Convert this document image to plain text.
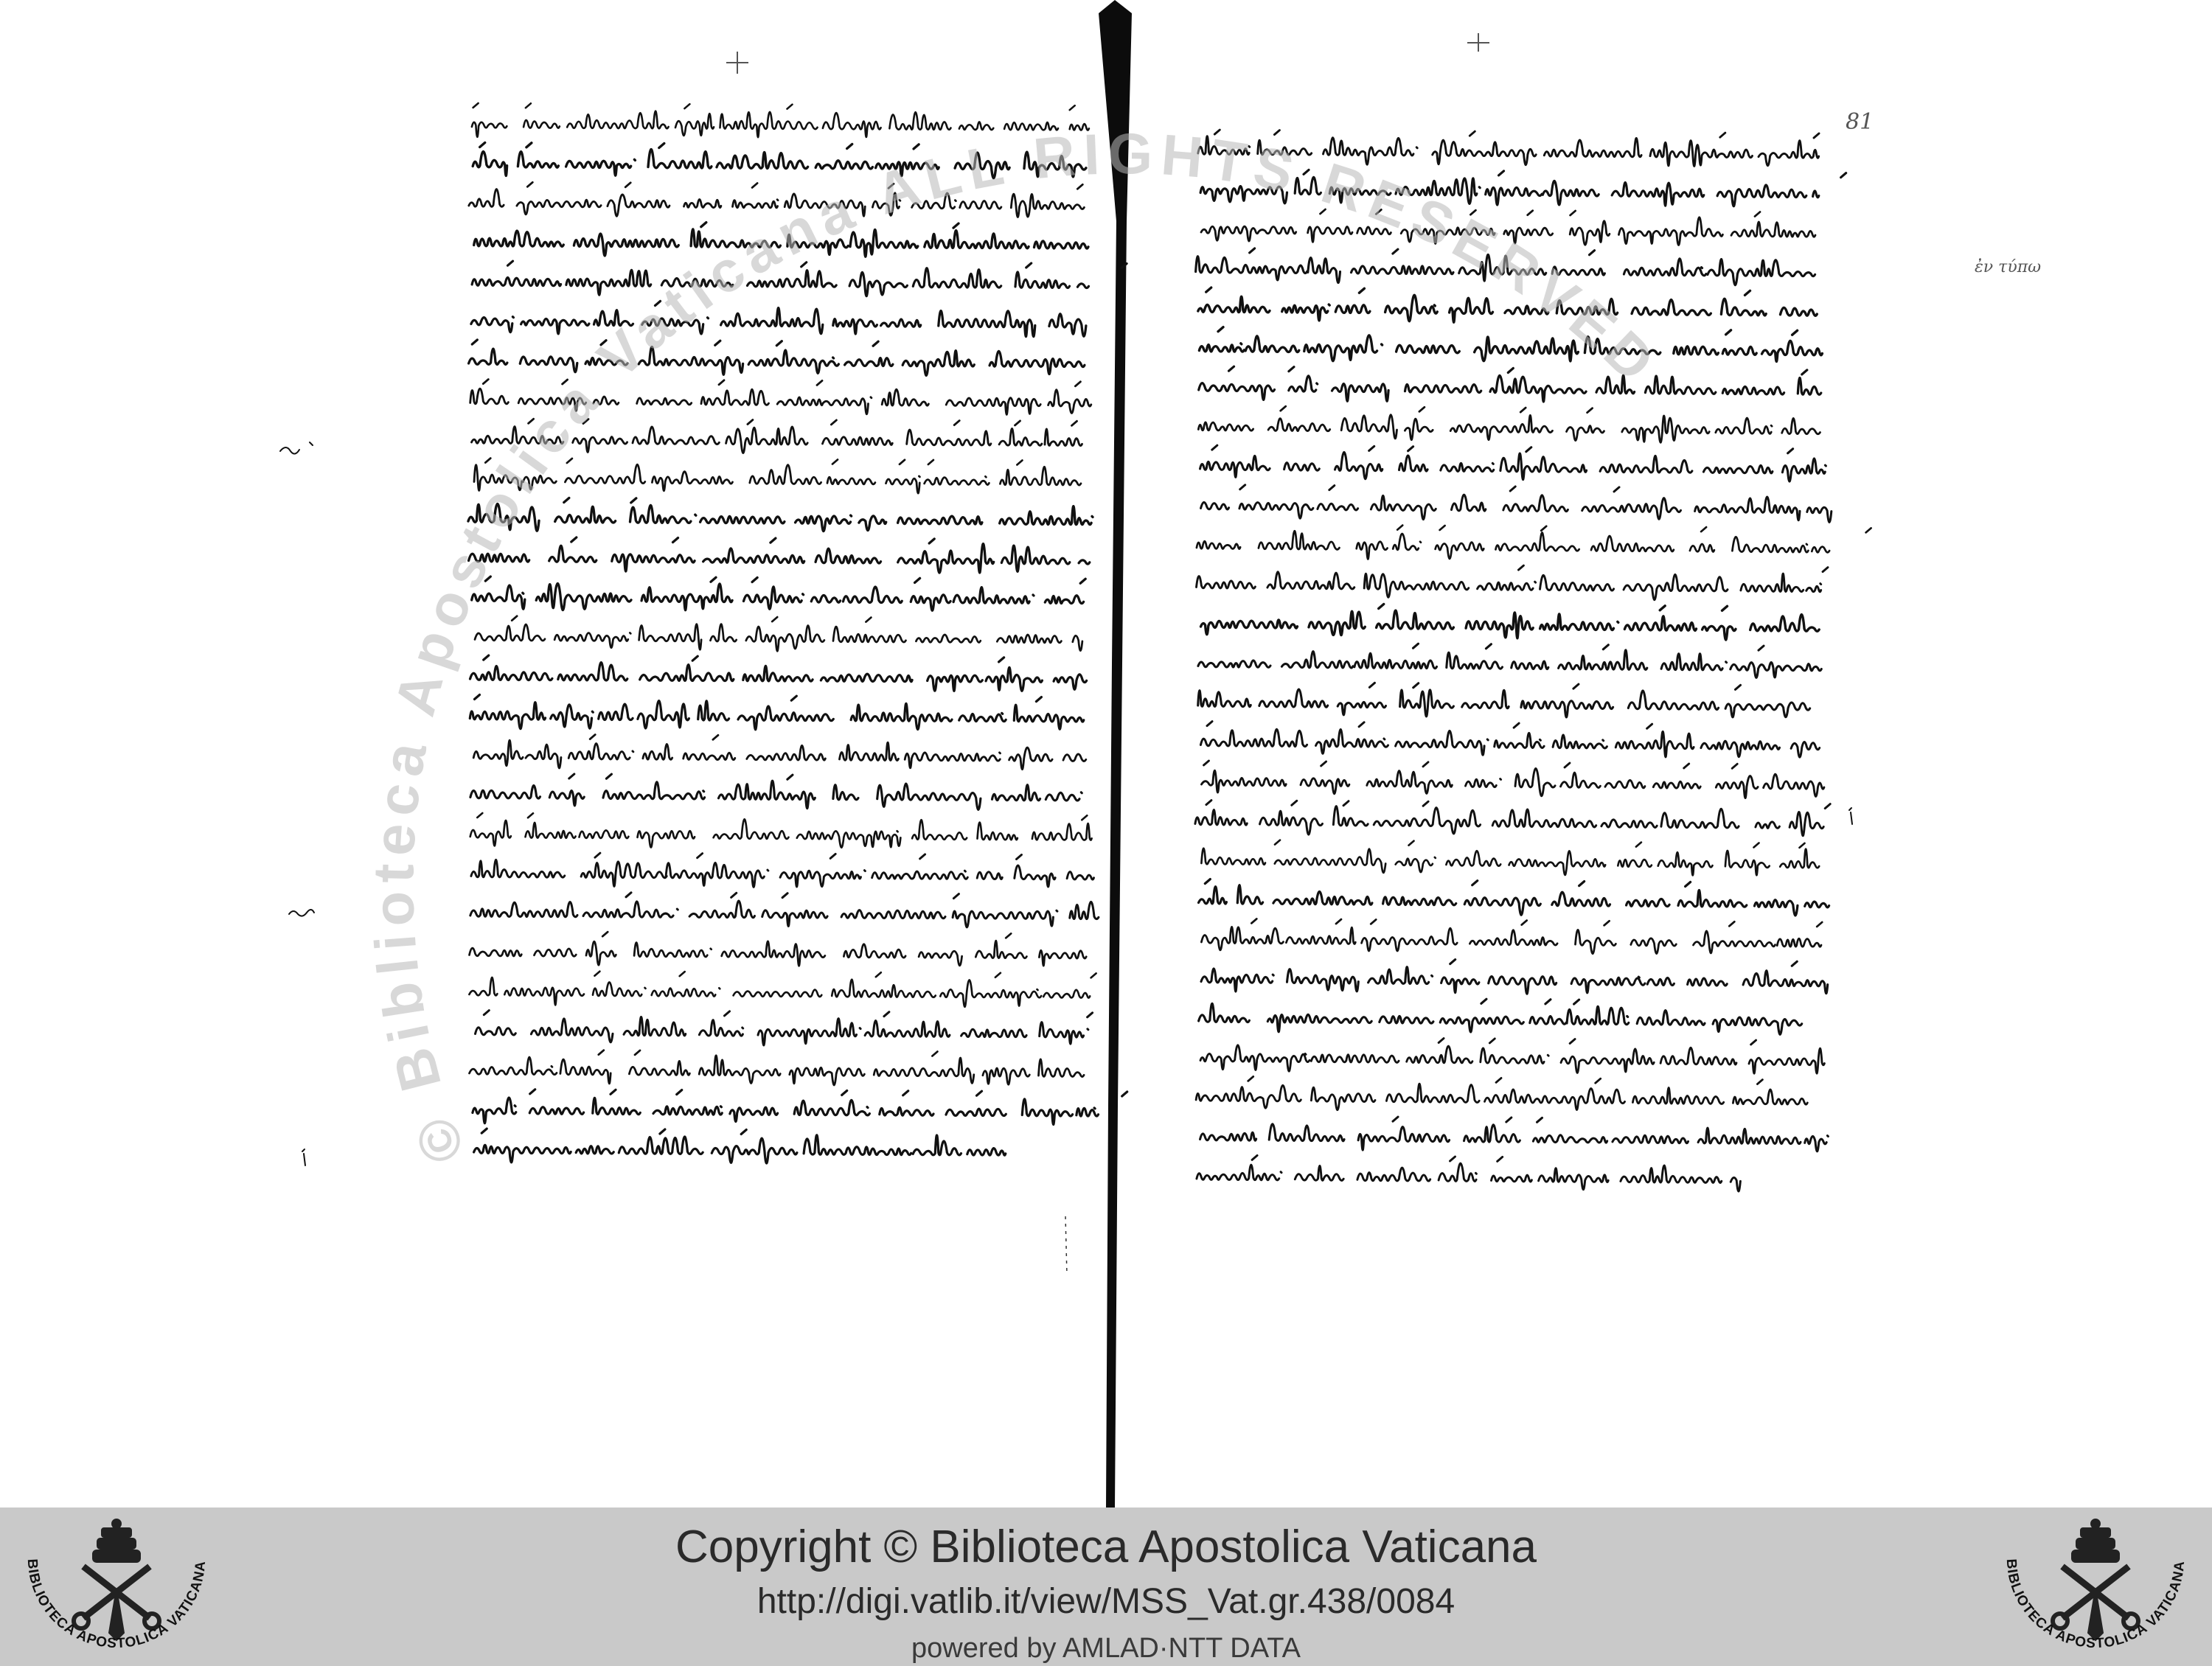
81
ἐν τύπω
© Biblioteca Apostolica Vaticana ALL RIGHTS RESERVED
BIBLIOTECA APOSTOLICA VATICANA	Copyright © Biblioteca Apostolica Vaticana
http://digi.vatlib.it/view/MSS_Vat.gr.438/0084
powered by AMLAD·NTT DATA
BIBLIOTECA APOSTOLICA VATICANA
